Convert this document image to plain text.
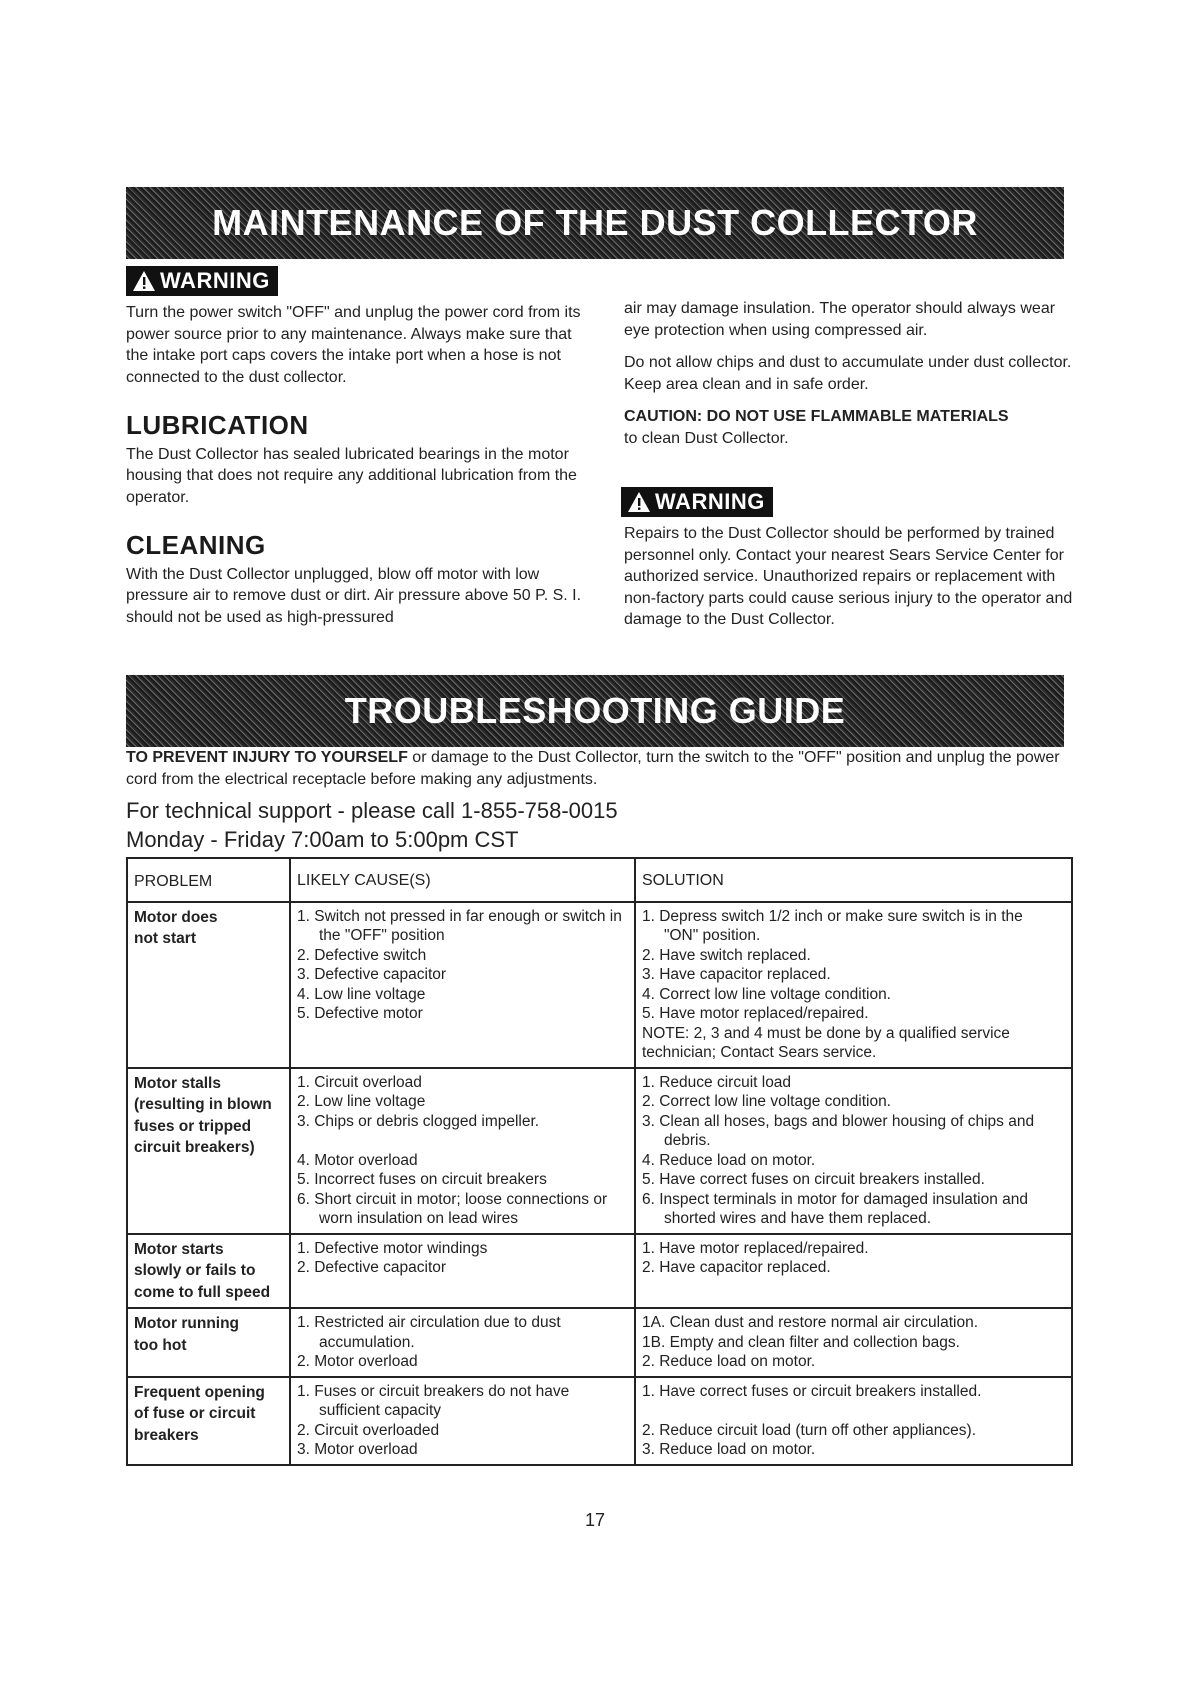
MAINTENANCE OF THE DUST COLLECTOR
WARNING

Turn the power switch "OFF" and unplug the power cord from its power source prior to any maintenance. Always make sure that the intake port caps covers the intake port when a hose is not connected to the dust collector.

LUBRICATION

The Dust Collector has sealed lubricated bearings in the motor housing that does not require any additional lubrication from the operator.

CLEANING

With the Dust Collector unplugged, blow off motor with low pressure air to remove dust or dirt. Air pressure above 50 P. S. I. should not be used as high-pressured

air may damage insulation. The operator should always wear eye protection when using compressed air.

Do not allow chips and dust to accumulate under dust collector. Keep area clean and in safe order.

CAUTION: DO NOT USE FLAMMABLE MATERIALS
to clean Dust Collector.

WARNING

Repairs to the Dust Collector should be performed by trained personnel only. Contact your nearest Sears Service Center for authorized service. Unauthorized repairs or replacement with non-factory parts could cause serious injury to the operator and damage to the Dust Collector.

TROUBLESHOOTING GUIDE

TO PREVENT INJURY TO YOURSELF or damage to the Dust Collector, turn the switch to the "OFF" position and unplug the power cord from the electrical receptacle before making any adjustments.

For technical support - please call 1-855-758-0015

Monday - Friday 7:00am to 5:00pm CST

PROBLEM	LIKELY CAUSE(S)	SOLUTION
Motor does
not start
1. Switch not pressed in far enough or switch in the "OFF" position
2. Defective switch
3. Defective capacitor
4. Low line voltage
5. Defective motor
1. Depress switch 1/2 inch or make sure switch is in the "ON" position.
2. Have switch replaced.
3. Have capacitor replaced.
4. Correct low line voltage condition.
5. Have motor replaced/repaired.
NOTE: 2, 3 and 4 must be done by a qualified service technician; Contact Sears service.
Motor stalls
(resulting in blown
fuses or tripped
circuit breakers)
1. Circuit overload
2. Low line voltage
3. Chips or debris clogged impeller.
4. Motor overload
5. Incorrect fuses on circuit breakers
6. Short circuit in motor; loose connections or worn insulation on lead wires
1. Reduce circuit load
2. Correct low line voltage condition.
3. Clean all hoses, bags and blower housing of chips and debris.
4. Reduce load on motor.
5. Have correct fuses on circuit breakers installed.
6. Inspect terminals in motor for damaged insulation and shorted wires and have them replaced.
Motor starts
slowly or fails to
come to full speed
1. Defective motor windings
2. Defective capacitor
1. Have motor replaced/repaired.
2. Have capacitor replaced.
Motor running
too hot
1. Restricted air circulation due to dust accumulation.
2. Motor overload
1A. Clean dust and restore normal air circulation.
1B. Empty and clean filter and collection bags.
2. Reduce load on motor.
Frequent opening
of fuse or circuit
breakers
1. Fuses or circuit breakers do not have sufficient capacity
2. Circuit overloaded
3. Motor overload
1. Have correct fuses or circuit breakers installed.
2. Reduce circuit load (turn off other appliances).
3. Reduce load on motor.
17
